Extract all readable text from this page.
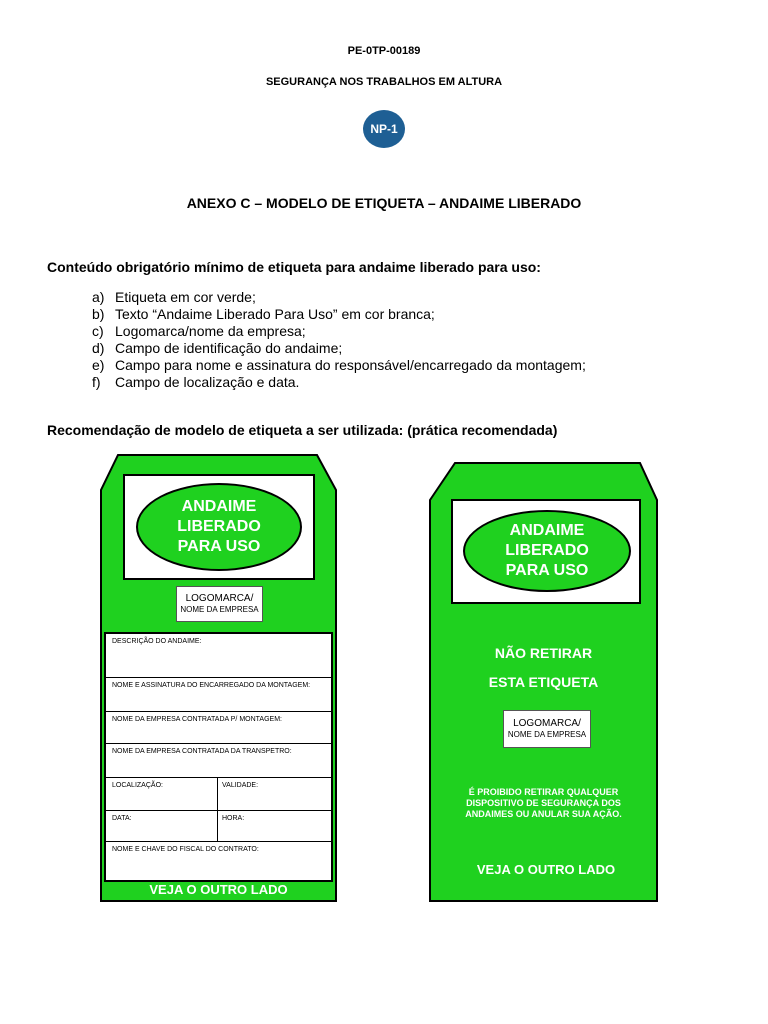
PE-0TP-00189
SEGURANÇA NOS TRABALHOS EM ALTURA
NP-1
ANEXO C – MODELO DE ETIQUETA – ANDAIME LIBERADO
Conteúdo obrigatório mínimo de etiqueta para andaime liberado para uso:
a) Etiqueta em cor verde;
b) Texto “Andaime Liberado Para Uso” em cor branca;
c) Logomarca/nome da empresa;
d) Campo de identificação do andaime;
e) Campo para nome e assinatura do responsável/encarregado da montagem;
f) Campo de localização e data.
Recomendação de modelo de etiqueta a ser utilizada: (prática recomendada)
ANDAIME
LIBERADO
PARA USO
LOGOMARCA/
NOME DA EMPRESA
DESCRIÇÃO DO ANDAIME:
NOME E ASSINATURA DO ENCARREGADO DA MONTAGEM:
NOME DA EMPRESA CONTRATADA P/ MONTAGEM:
NOME DA EMPRESA CONTRATADA DA TRANSPETRO:
LOCALIZAÇÃO:	VALIDADE:
DATA:	HORA:
NOME E CHAVE DO FISCAL DO CONTRATO:
VEJA O OUTRO LADO
ANDAIME
LIBERADO
PARA USO
NÃO RETIRAR
ESTA ETIQUETA
LOGOMARCA/
NOME DA EMPRESA
É PROIBIDO RETIRAR QUALQUER
DISPOSITIVO DE SEGURANÇA DOS
ANDAIMES OU ANULAR SUA AÇÃO.
VEJA O OUTRO LADO
